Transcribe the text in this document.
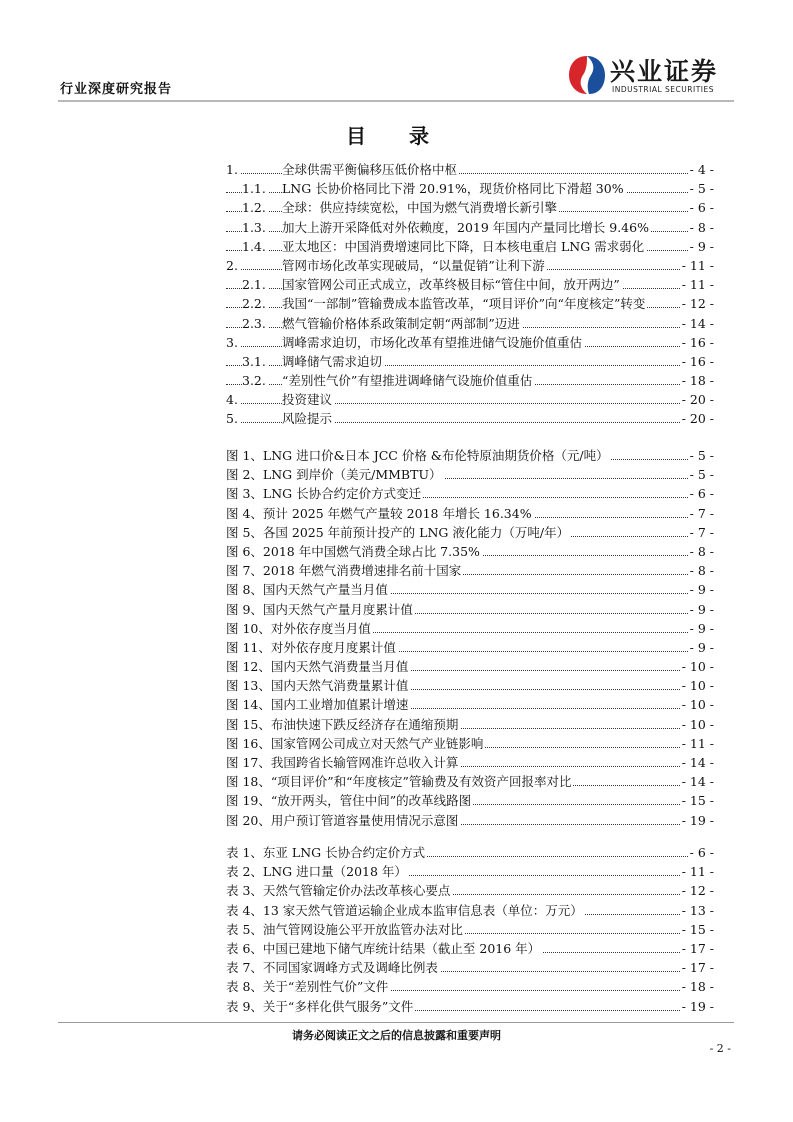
行业深度研究报告
兴业证券
INDUSTRIAL SECURITIES
目 录
1.	全球供需平衡偏移压低价格中枢	- 4 -
1.1. LNG 长协价格同比下滑 20.91%，现货价格同比下滑超 30%	- 5 -
1.2. 全球：供应持续宽松，中国为燃气消费增长新引擎	- 6 -
1.3. 加大上游开采降低对外依赖度，2019 年国内产量同比增长 9.46%	- 8 -
1.4. 亚太地区：中国消费增速同比下降，日本核电重启 LNG 需求弱化	- 9 -
2.	管网市场化改革实现破局，“以量促销”让利下游	- 11 -
2.1. 国家管网公司正式成立，改革终极目标“管住中间，放开两边”	- 11 -
2.2. 我国“一部制”管输费成本监管改革，“项目评价”向“年度核定”转变	- 12 -
2.3. 燃气管输价格体系政策制定朝“两部制”迈进	- 14 -
3.	调峰需求迫切，市场化改革有望推进储气设施价值重估	- 16 -
3.1. 调峰储气需求迫切	- 16 -
3.2. “差别性气价”有望推进调峰储气设施价值重估	- 18 -
4.	投资建议	- 20 -
5.	风险提示	- 20 -
图 1、LNG 进口价&日本 JCC 价格 &布伦特原油期货价格（元/吨）	- 5 -
图 2、LNG 到岸价（美元/MMBTU）	- 5 -
图 3、LNG 长协合约定价方式变迁	- 6 -
图 4、预计 2025 年燃气产量较 2018 年增长 16.34%	- 7 -
图 5、各国 2025 年前预计投产的 LNG 液化能力（万吨/年）	- 7 -
图 6、2018 年中国燃气消费全球占比 7.35%	- 8 -
图 7、2018 年燃气消费增速排名前十国家	- 8 -
图 8、国内天然气产量当月值	- 9 -
图 9、国内天然气产量月度累计值	- 9 -
图 10、对外依存度当月值	- 9 -
图 11、对外依存度月度累计值	- 9 -
图 12、国内天然气消费量当月值	- 10 -
图 13、国内天然气消费量累计值	- 10 -
图 14、国内工业增加值累计增速	- 10 -
图 15、布油快速下跌反经济存在通缩预期	- 10 -
图 16、国家管网公司成立对天然气产业链影响	- 11 -
图 17、我国跨省长输管网准许总收入计算	- 14 -
图 18、“项目评价”和“年度核定”管输费及有效资产回报率对比	- 14 -
图 19、“放开两头，管住中间”的改革线路图	- 15 -
图 20、用户预订管道容量使用情况示意图	- 19 -
表 1、东亚 LNG 长协合约定价方式	- 6 -
表 2、LNG 进口量（2018 年）	- 11 -
表 3、天然气管输定价办法改革核心要点	- 12 -
表 4、13 家天然气管道运输企业成本监审信息表（单位：万元）	- 13 -
表 5、油气管网设施公平开放监管办法对比	- 15 -
表 6、中国已建地下储气库统计结果（截止至 2016 年）	- 17 -
表 7、不同国家调峰方式及调峰比例表	- 17 -
表 8、关于“差别性气价”文件	- 18 -
表 9、关于“多样化供气服务”文件	- 19 -
请务必阅读正文之后的信息披露和重要声明
- 2 -
